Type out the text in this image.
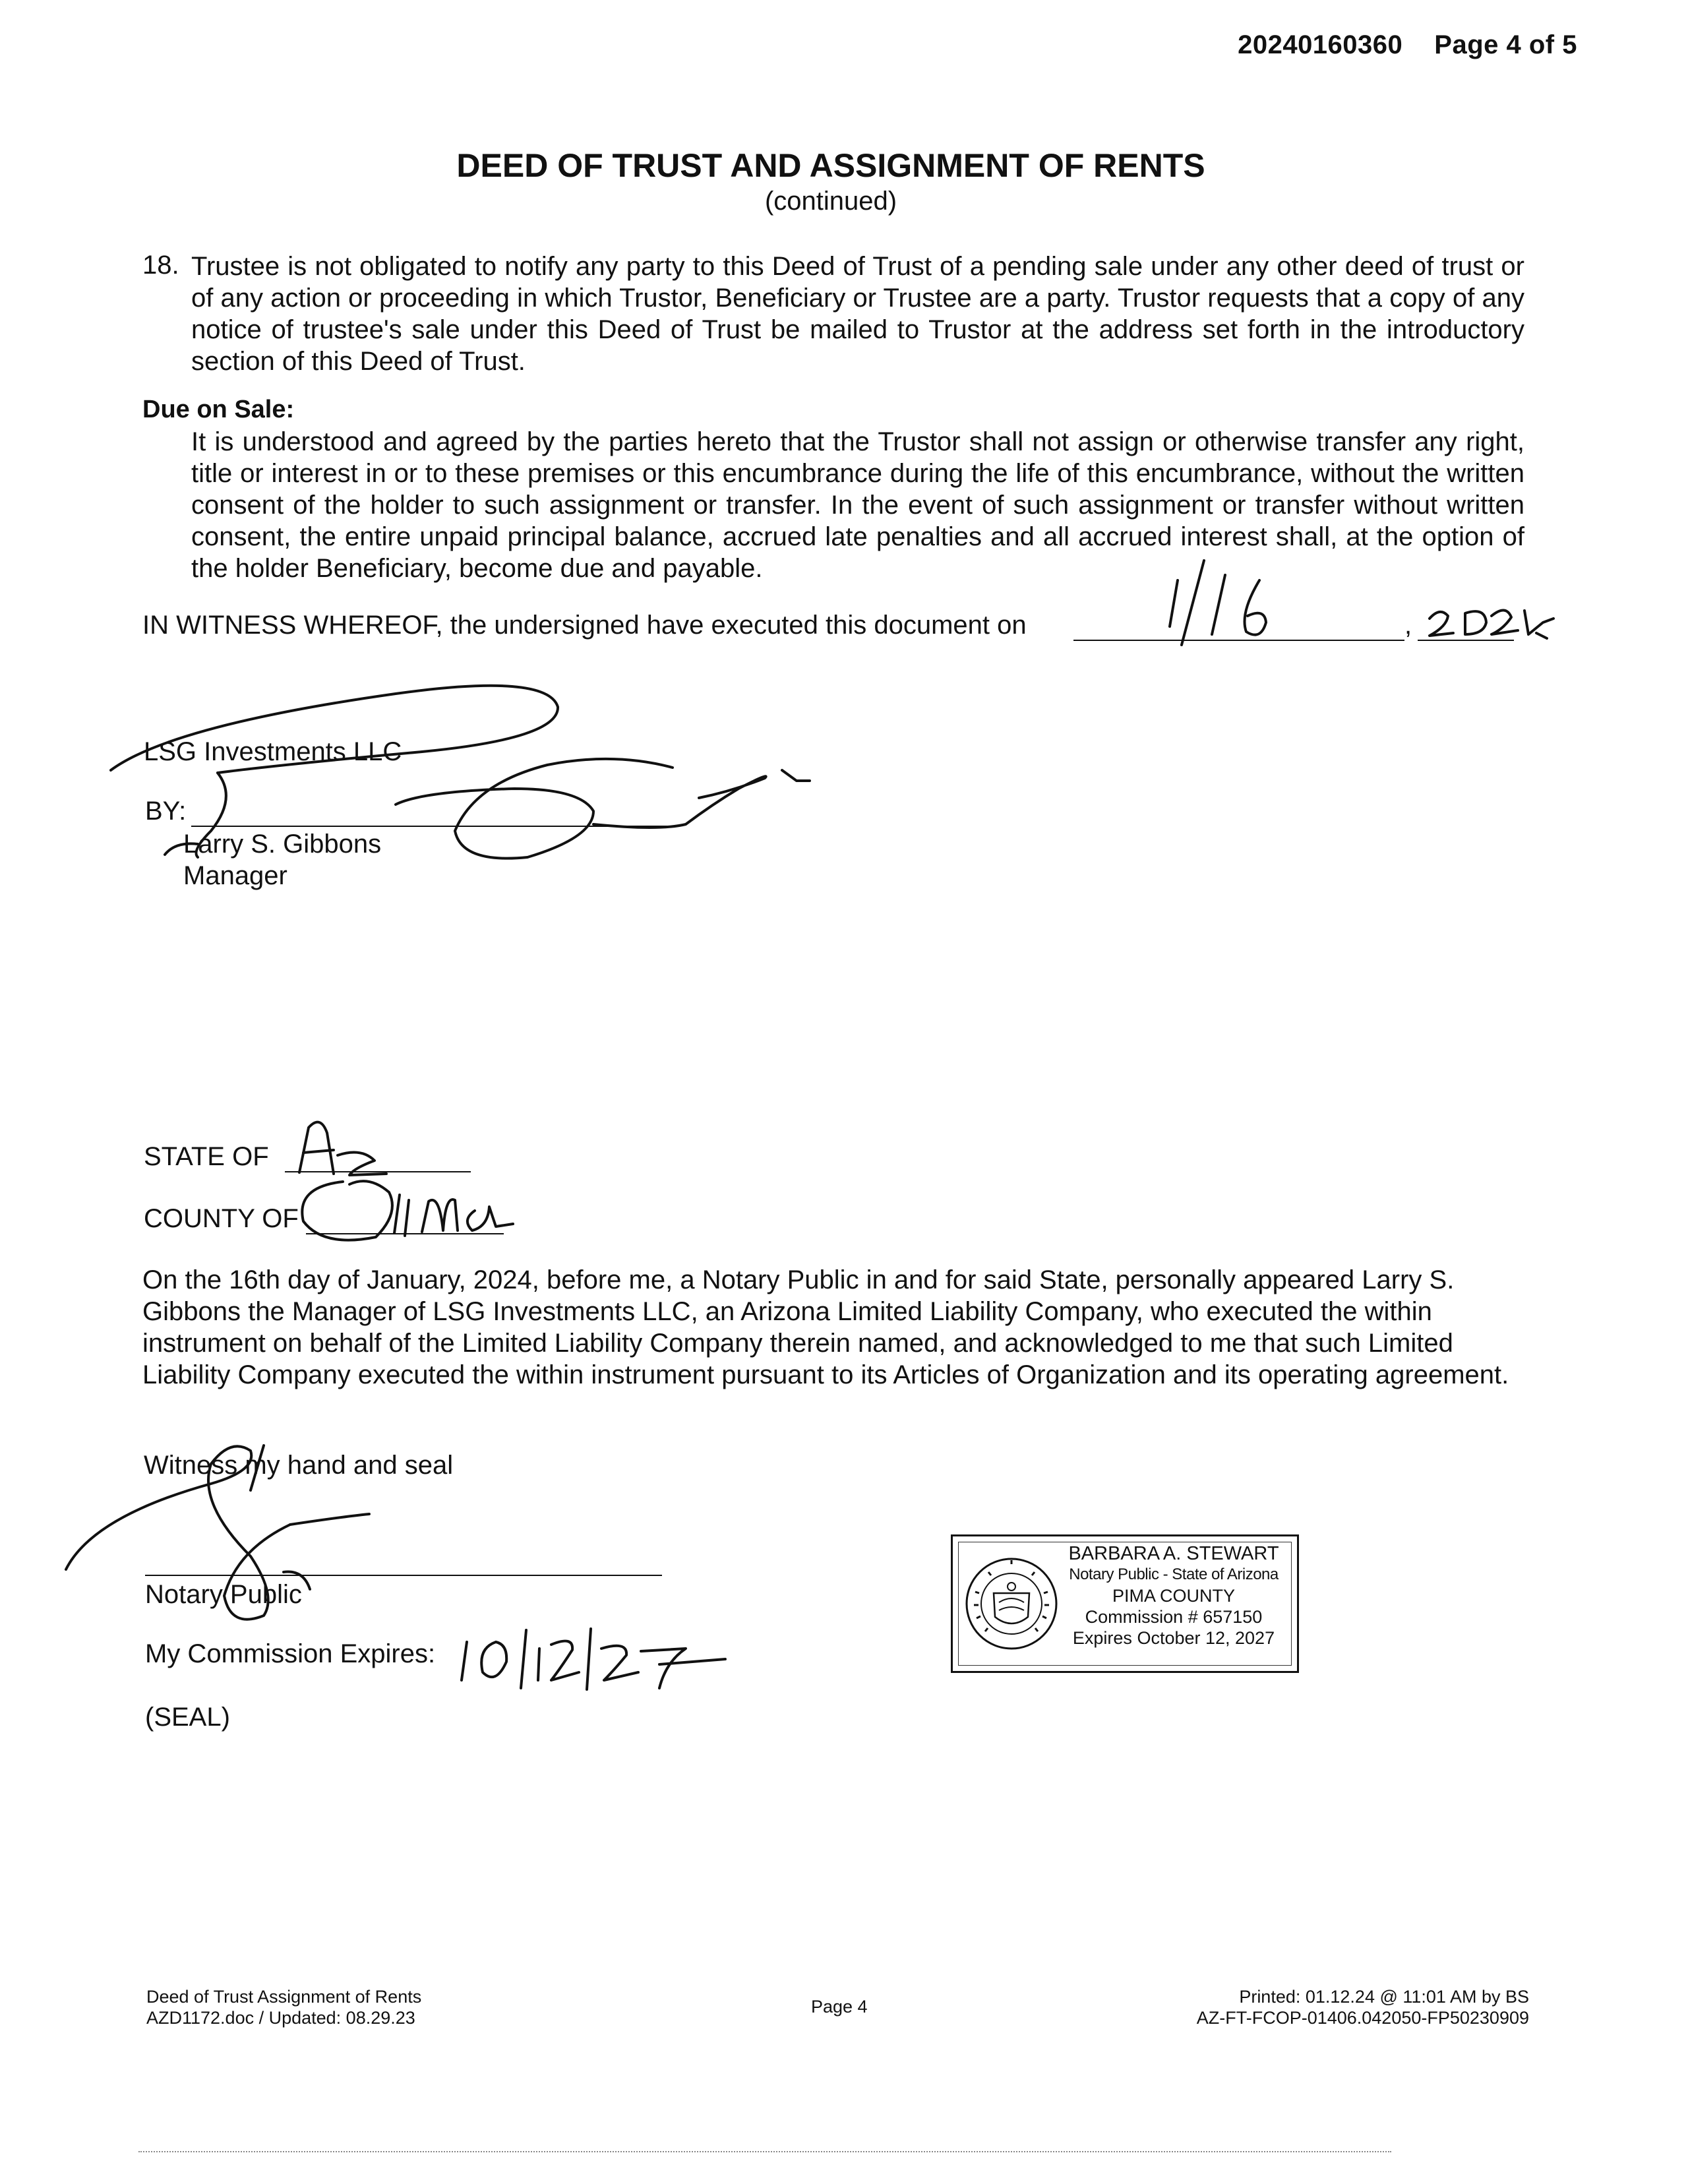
20240160360 Page 4 of 5
DEED OF TRUST AND ASSIGNMENT OF RENTS
(continued)
18. Trustee is not obligated to notify any party to this Deed of Trust of a pending sale under any other deed of trust or of any action or proceeding in which Trustor, Beneficiary or Trustee are a party. Trustor requests that a copy of any notice of trustee's sale under this Deed of Trust be mailed to Trustor at the address set forth in the introductory section of this Deed of Trust.
Due on Sale:
It is understood and agreed by the parties hereto that the Trustor shall not assign or otherwise transfer any right, title or interest in or to these premises or this encumbrance during the life of this encumbrance, without the written consent of the holder to such assignment or transfer. In the event of such assignment or transfer without written consent, the entire unpaid principal balance, accrued late penalties and all accrued interest shall, at the option of the holder Beneficiary, become due and payable.
IN WITNESS WHEREOF, the undersigned have executed this document on	,
LSG Investments LLC
BY:
Larry S. Gibbons
Manager
STATE OF
COUNTY OF
On the 16th day of January, 2024, before me, a Notary Public in and for said State, personally appeared Larry S. Gibbons the Manager of LSG Investments LLC, an Arizona Limited Liability Company, who executed the within instrument on behalf of the Limited Liability Company therein named, and acknowledged to me that such Limited Liability Company executed the within instrument pursuant to its Articles of Organization and its operating agreement.
Witness my hand and seal
Notary Public
My Commission Expires:
(SEAL)
BARBARA A. STEWART
Notary Public - State of Arizona
PIMA COUNTY
Commission # 657150
Expires October 12, 2027
Deed of Trust Assignment of Rents
AZD1172.doc / Updated: 08.29.23
Page 4	Printed: 01.12.24 @ 11:01 AM by BS
AZ-FT-FCOP-01406.042050-FP50230909
